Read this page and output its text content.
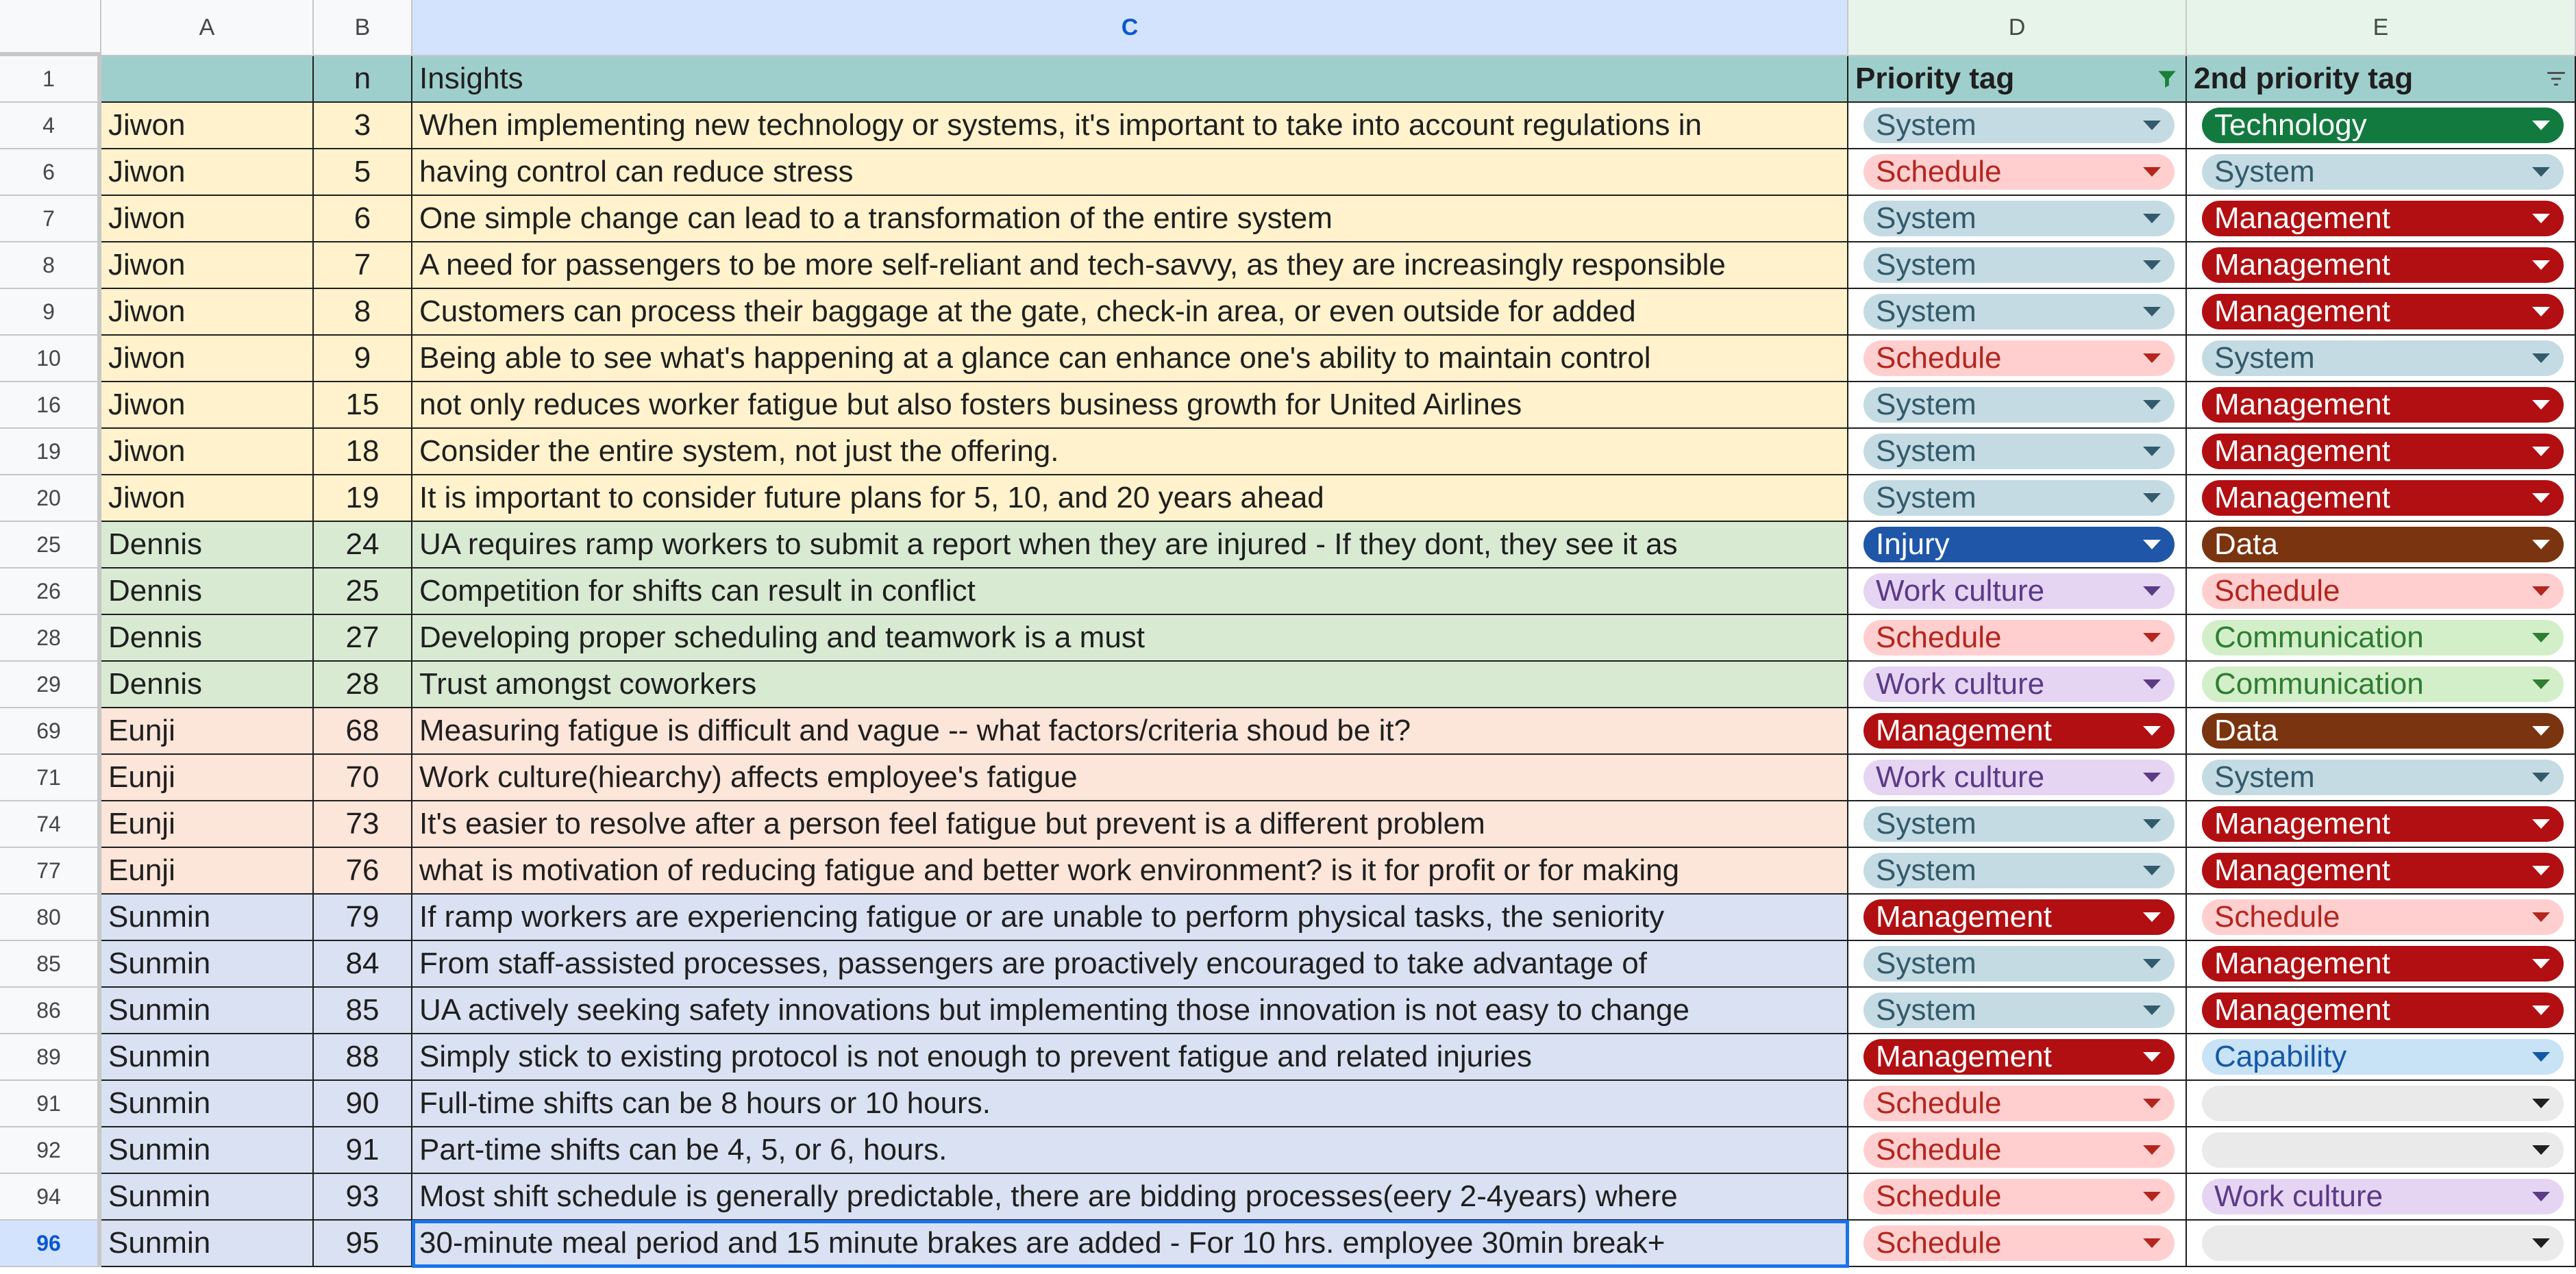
A	B	C	D	E
1	n	Insights	Priority tag	2nd priority tag
4	Jiwon	3	When implementing new technology or systems, it's important to take into account regulations in	System	Technology
6	Jiwon	5	having control can reduce stress	Schedule	System
7	Jiwon	6	One simple change can lead to a transformation of the entire system	System	Management
8	Jiwon	7	A need for passengers to be more self-reliant and tech-savvy, as they are increasingly responsible	System	Management
9	Jiwon	8	Customers can process their baggage at the gate, check-in area, or even outside for added	System	Management
10	Jiwon	9	Being able to see what's happening at a glance can enhance one's ability to maintain control	Schedule	System
16	Jiwon	15	not only reduces worker fatigue but also fosters business growth for United Airlines	System	Management
19	Jiwon	18	Consider the entire system, not just the offering.	System	Management
20	Jiwon	19	It is important to consider future plans for 5, 10, and 20 years ahead	System	Management
25	Dennis	24	UA requires ramp workers to submit a report when they are injured - If they dont, they see it as	Injury	Data
26	Dennis	25	Competition for shifts can result in conflict	Work culture	Schedule
28	Dennis	27	Developing proper scheduling and teamwork is a must	Schedule	Communication
29	Dennis	28	Trust amongst coworkers	Work culture	Communication
69	Eunji	68	Measuring fatigue is difficult and vague -- what factors/criteria shoud be it?	Management	Data
71	Eunji	70	Work culture(hiearchy) affects employee's fatigue	Work culture	System
74	Eunji	73	It's easier to resolve after a person feel fatigue but prevent is a different problem	System	Management
77	Eunji	76	what is motivation of reducing fatigue and better work environment? is it for profit or for making	System	Management
80	Sunmin	79	If ramp workers are experiencing fatigue or are unable to perform physical tasks, the seniority	Management	Schedule
85	Sunmin	84	From staff-assisted processes, passengers are proactively encouraged to take advantage of	System	Management
86	Sunmin	85	UA actively seeking safety innovations but implementing those innovation is not easy to change	System	Management
89	Sunmin	88	Simply stick to existing protocol is not enough to prevent fatigue and related injuries	Management	Capability
91	Sunmin	90	Full-time shifts can be 8 hours or 10 hours.	Schedule
92	Sunmin	91	Part-time shifts can be 4, 5, or 6, hours.	Schedule
94	Sunmin	93	Most shift schedule is generally predictable, there are bidding processes(eery 2-4years) where	Schedule	Work culture
96	Sunmin	95	30-minute meal period and 15 minute brakes are added - For 10 hrs. employee 30min break+	Schedule
